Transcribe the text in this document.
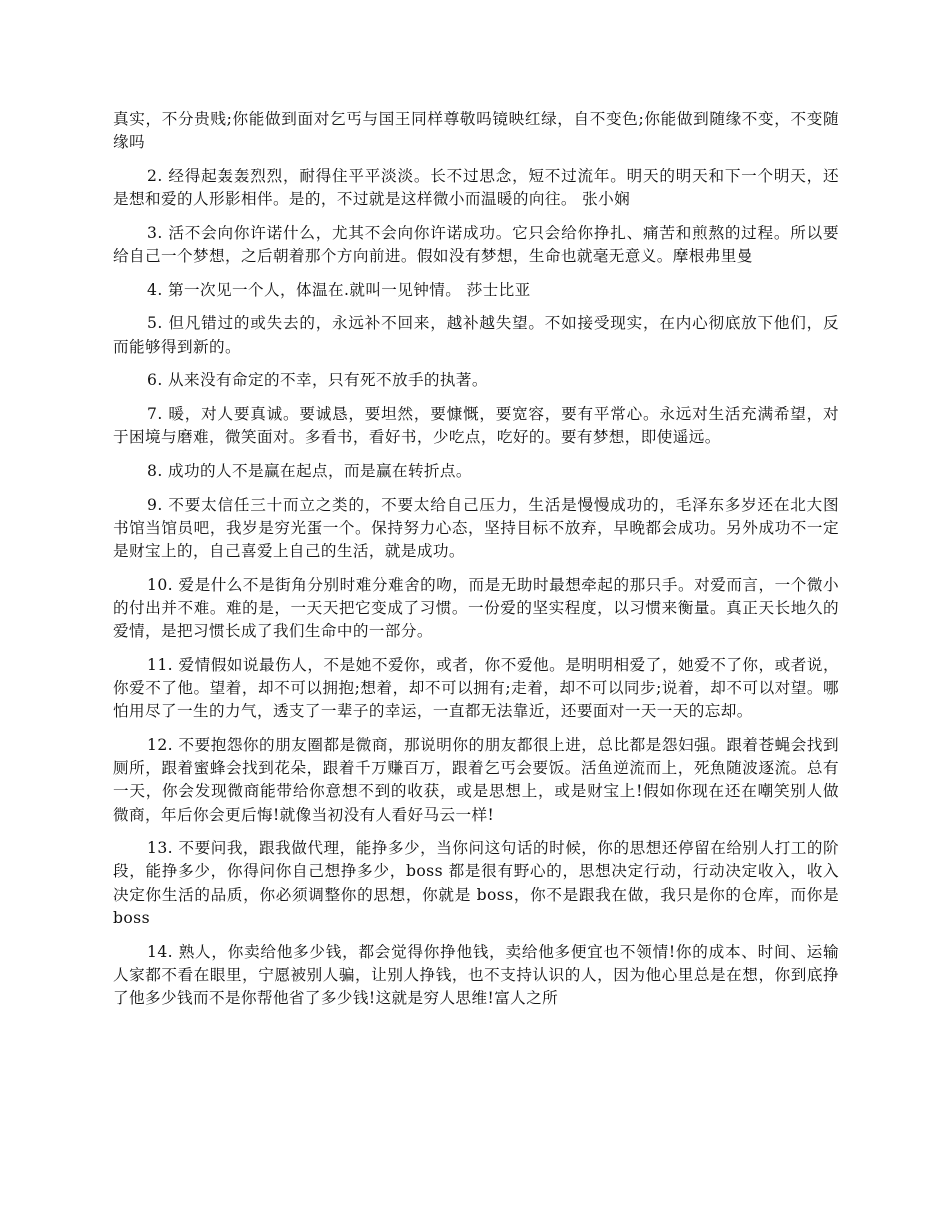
真实，不分贵贱;你能做到面对乞丐与国王同样尊敬吗镜映红绿，自不变色;你能做到随缘不变，不变随缘吗

2. 经得起轰轰烈烈，耐得住平平淡淡。长不过思念，短不过流年。明天的明天和下一个明天，还是想和爱的人形影相伴。是的，不过就是这样微小而温暖的向往。 张小娴

3. 活不会向你许诺什么，尤其不会向你许诺成功。它只会给你挣扎、痛苦和煎熬的过程。所以要给自己一个梦想，之后朝着那个方向前进。假如没有梦想，生命也就毫无意义。摩根弗里曼

4. 第一次见一个人，体温在.就叫一见钟情。 莎士比亚

5. 但凡错过的或失去的，永远补不回来，越补越失望。不如接受现实，在内心彻底放下他们，反而能够得到新的。

6. 从来没有命定的不幸，只有死不放手的执著。

7. 暖，对人要真诚。要诚恳，要坦然，要慷慨，要宽容，要有平常心。永远对生活充满希望，对于困境与磨难，微笑面对。多看书，看好书，少吃点，吃好的。要有梦想，即使遥远。

8. 成功的人不是赢在起点，而是赢在转折点。

9. 不要太信任三十而立之类的，不要太给自己压力，生活是慢慢成功的，毛泽东多岁还在北大图书馆当馆员吧，我岁是穷光蛋一个。保持努力心态，坚持目标不放弃，早晚都会成功。另外成功不一定是财宝上的，自己喜爱上自己的生活，就是成功。

10. 爱是什么不是街角分别时难分难舍的吻，而是无助时最想牵起的那只手。对爱而言，一个微小的付出并不难。难的是，一天天把它变成了习惯。一份爱的坚实程度，以习惯来衡量。真正天长地久的爱情，是把习惯长成了我们生命中的一部分。

11. 爱情假如说最伤人，不是她不爱你，或者，你不爱他。是明明相爱了，她爱不了你，或者说，你爱不了他。望着，却不可以拥抱;想着，却不可以拥有;走着，却不可以同步;说着，却不可以对望。哪怕用尽了一生的力气，透支了一辈子的幸运，一直都无法靠近，还要面对一天一天的忘却。

12. 不要抱怨你的朋友圈都是微商，那说明你的朋友都很上进，总比都是怨妇强。跟着苍蝇会找到厕所，跟着蜜蜂会找到花朵，跟着千万赚百万，跟着乞丐会要饭。活鱼逆流而上，死魚随波逐流。总有一天，你会发现微商能带给你意想不到的收获，或是思想上，或是财宝上!假如你现在还在嘲笑别人做微商，年后你会更后悔!就像当初没有人看好马云一样!

13. 不要问我，跟我做代理，能挣多少，当你问这句话的时候，你的思想还停留在给别人打工的阶段，能挣多少，你得问你自己想挣多少，boss 都是很有野心的，思想决定行动，行动决定收入，收入决定你生活的品质，你必须调整你的思想，你就是 boss，你不是跟我在做，我只是你的仓库，而你是 boss

14. 熟人，你卖给他多少钱，都会觉得你挣他钱，卖给他多便宜也不领情!你的成本、时间、运输人家都不看在眼里，宁愿被别人骗，让别人挣钱，也不支持认识的人，因为他心里总是在想，你到底挣了他多少钱而不是你帮他省了多少钱!这就是穷人思维!富人之所
